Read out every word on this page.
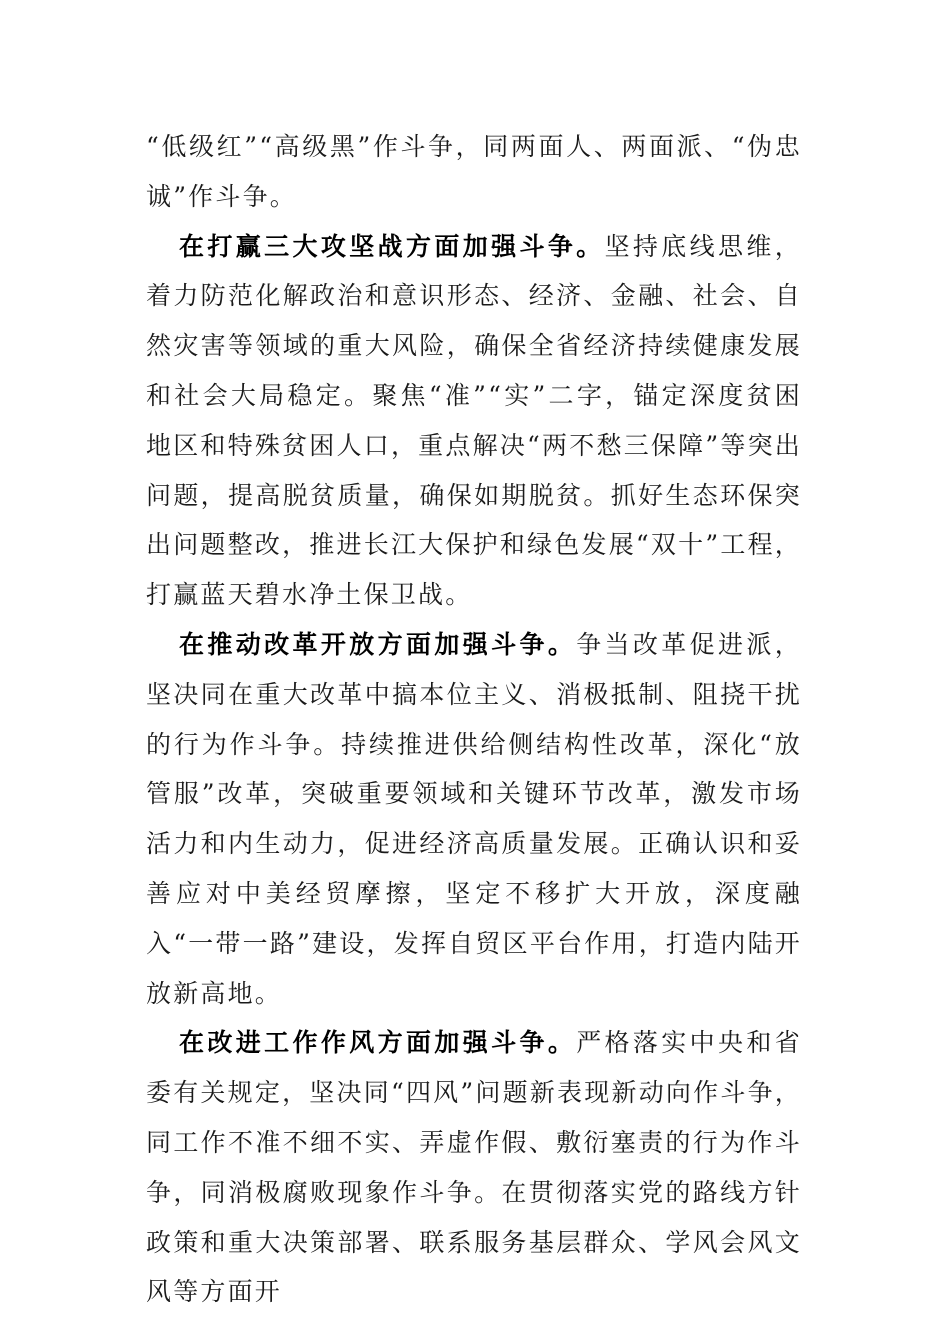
“低级红”“高级黑”作斗争，同两面人、两面派、“伪忠诚”作斗争。

在打赢三大攻坚战方面加强斗争。坚持底线思维，着力防范化解政治和意识形态、经济、金融、社会、自然灾害等领域的重大风险，确保全省经济持续健康发展和社会大局稳定。聚焦“准”“实”二字，锚定深度贫困地区和特殊贫困人口，重点解决“两不愁三保障”等突出问题，提高脱贫质量，确保如期脱贫。抓好生态环保突出问题整改，推进长江大保护和绿色发展“双十”工程，打赢蓝天碧水净土保卫战。

在推动改革开放方面加强斗争。争当改革促进派，坚决同在重大改革中搞本位主义、消极抵制、阻挠干扰的行为作斗争。持续推进供给侧结构性改革，深化“放管服”改革，突破重要领域和关键环节改革，激发市场活力和内生动力，促进经济高质量发展。正确认识和妥善应对中美经贸摩擦，坚定不移扩大开放，深度融入“一带一路”建设，发挥自贸区平台作用，打造内陆开放新高地。

在改进工作作风方面加强斗争。严格落实中央和省委有关规定，坚决同“四风”问题新表现新动向作斗争，同工作不准不细不实、弄虚作假、敷衍塞责的行为作斗争，同消极腐败现象作斗争。在贯彻落实党的路线方针政策和重大决策部署、联系服务基层群众、学风会风文风等方面开
